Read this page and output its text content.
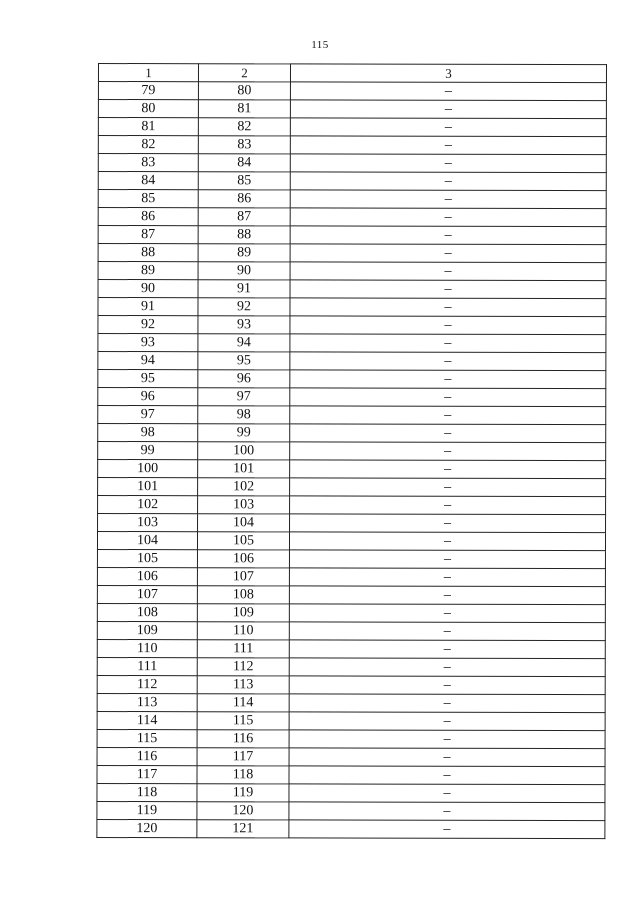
115
1	2	3
79	80	–
80	81	–
81	82	–
82	83	–
83	84	–
84	85	–
85	86	–
86	87	–
87	88	–
88	89	–
89	90	–
90	91	–
91	92	–
92	93	–
93	94	–
94	95	–
95	96	–
96	97	–
97	98	–
98	99	–
99	100	–
100	101	–
101	102	–
102	103	–
103	104	–
104	105	–
105	106	–
106	107	–
107	108	–
108	109	–
109	110	–
110	111	–
111	112	–
112	113	–
113	114	–
114	115	–
115	116	–
116	117	–
117	118	–
118	119	–
119	120	–
120	121	–
